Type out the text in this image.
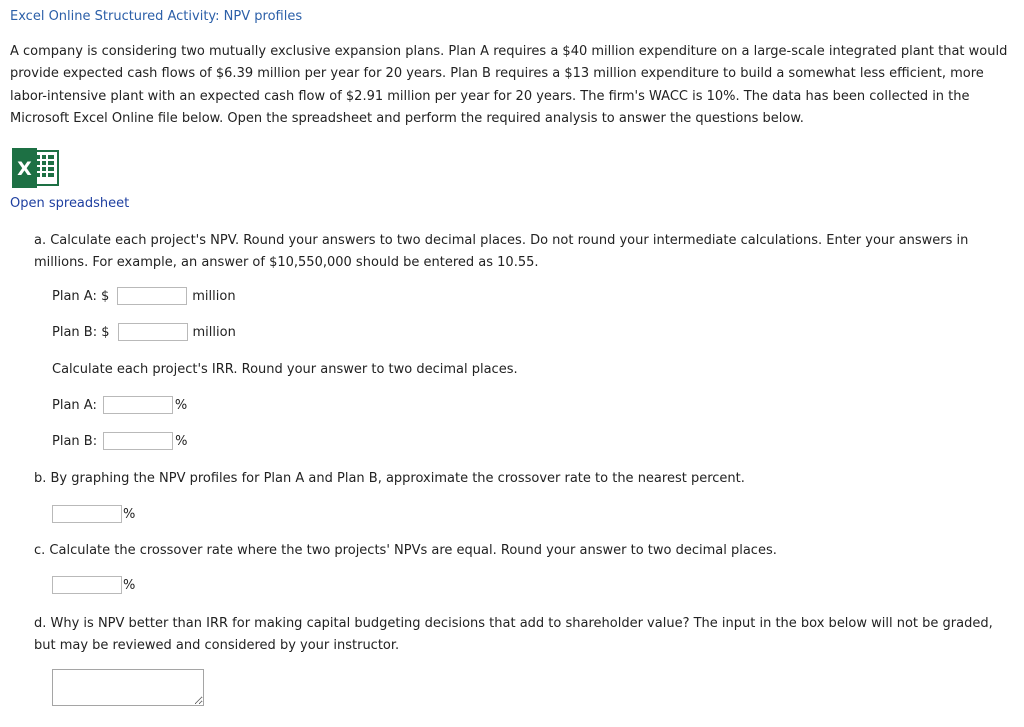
Excel Online Structured Activity: NPV profiles

A company is considering two mutually exclusive expansion plans. Plan A requires a $40 million expenditure on a large-scale integrated plant that would provide expected cash flows of $6.39 million per year for 20 years. Plan B requires a $13 million expenditure to build a somewhat less efficient, more labor-intensive plant with an expected cash flow of $2.91 million per year for 20 years. The firm's WACC is 10%. The data has been collected in the Microsoft Excel Online file below. Open the spreadsheet and perform the required analysis to answer the questions below.

X
Open spreadsheet

a. Calculate each project's NPV. Round your answers to two decimal places. Do not round your intermediate calculations. Enter your answers in millions. For example, an answer of $10,550,000 should be entered as 10.55.

Plan A: $	million
Plan B: $	million
Calculate each project's IRR. Round your answer to two decimal places.
Plan A:	%
Plan B:	%
b. By graphing the NPV profiles for Plan A and Plan B, approximate the crossover rate to the nearest percent.
%
c. Calculate the crossover rate where the two projects' NPVs are equal. Round your answer to two decimal places.
%

d. Why is NPV better than IRR for making capital budgeting decisions that add to shareholder value? The input in the box below will not be graded, but may be reviewed and considered by your instructor.
